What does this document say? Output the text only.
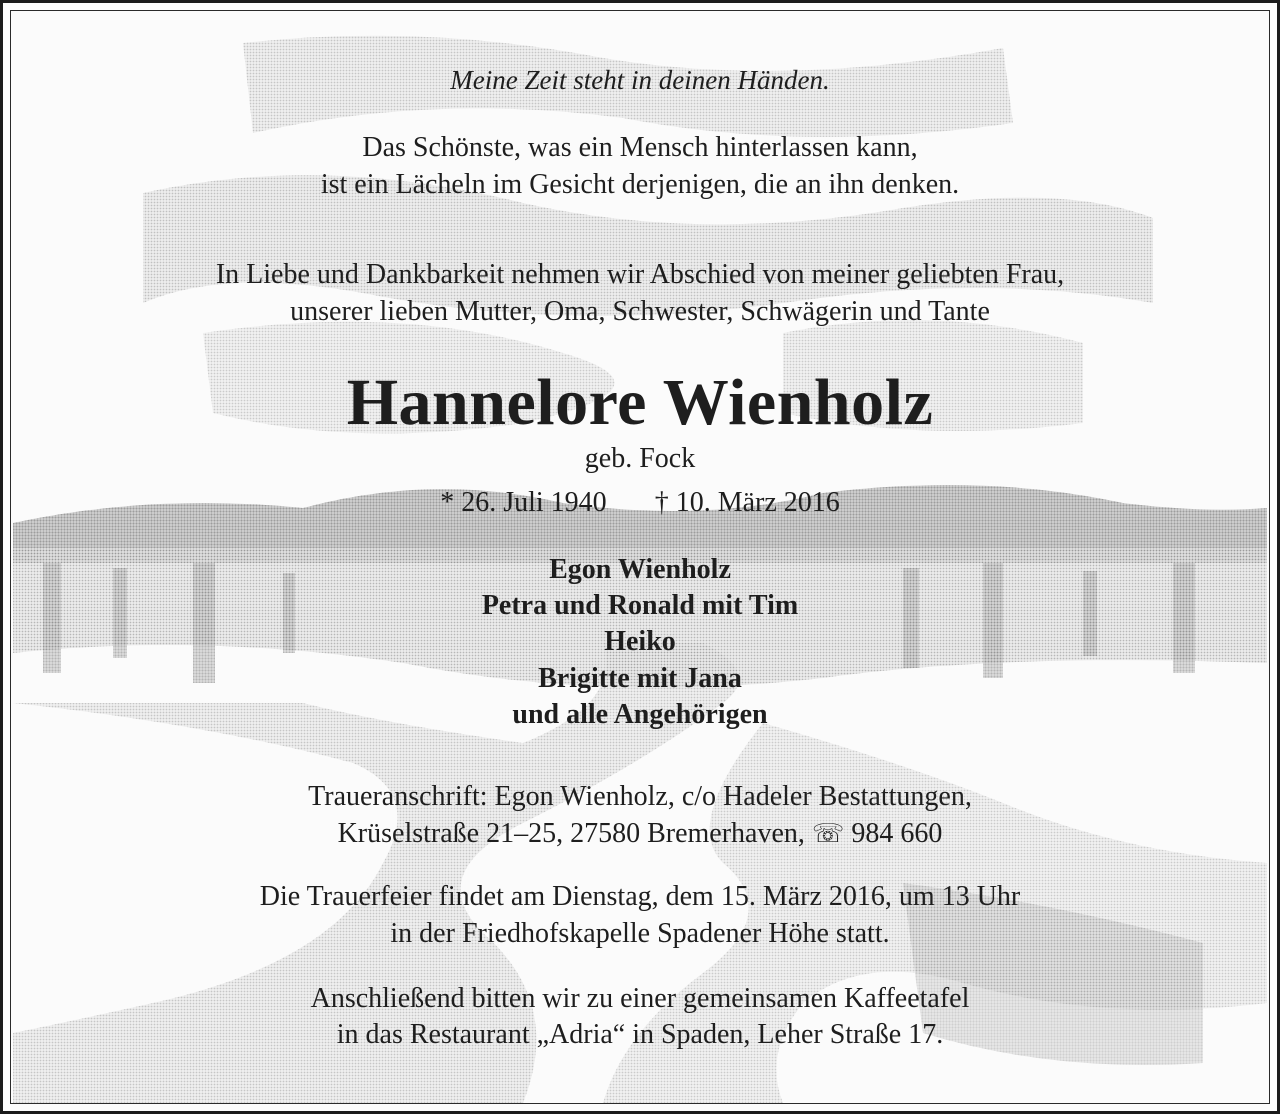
Meine Zeit steht in deinen Händen.
Das Schönste, was ein Mensch hinterlassen kann,
ist ein Lächeln im Gesicht derjenigen, die an ihn denken.
In Liebe und Dankbarkeit nehmen wir Abschied von meiner geliebten Frau,
unserer lieben Mutter, Oma, Schwester, Schwägerin und Tante
Hannelore Wienholz
geb. Fock
* 26. Juli 1940 † 10. März 2016
Egon Wienholz
Petra und Ronald mit Tim
Heiko
Brigitte mit Jana
und alle Angehörigen
Traueranschrift: Egon Wienholz, c/o Hadeler Bestattungen,
Krüselstraße 21–25, 27580 Bremerhaven, ☏ 984 660
Die Trauerfeier findet am Dienstag, dem 15. März 2016, um 13 Uhr
in der Friedhofskapelle Spadener Höhe statt.
Anschließend bitten wir zu einer gemeinsamen Kaffeetafel
in das Restaurant „Adria“ in Spaden, Leher Straße 17.
